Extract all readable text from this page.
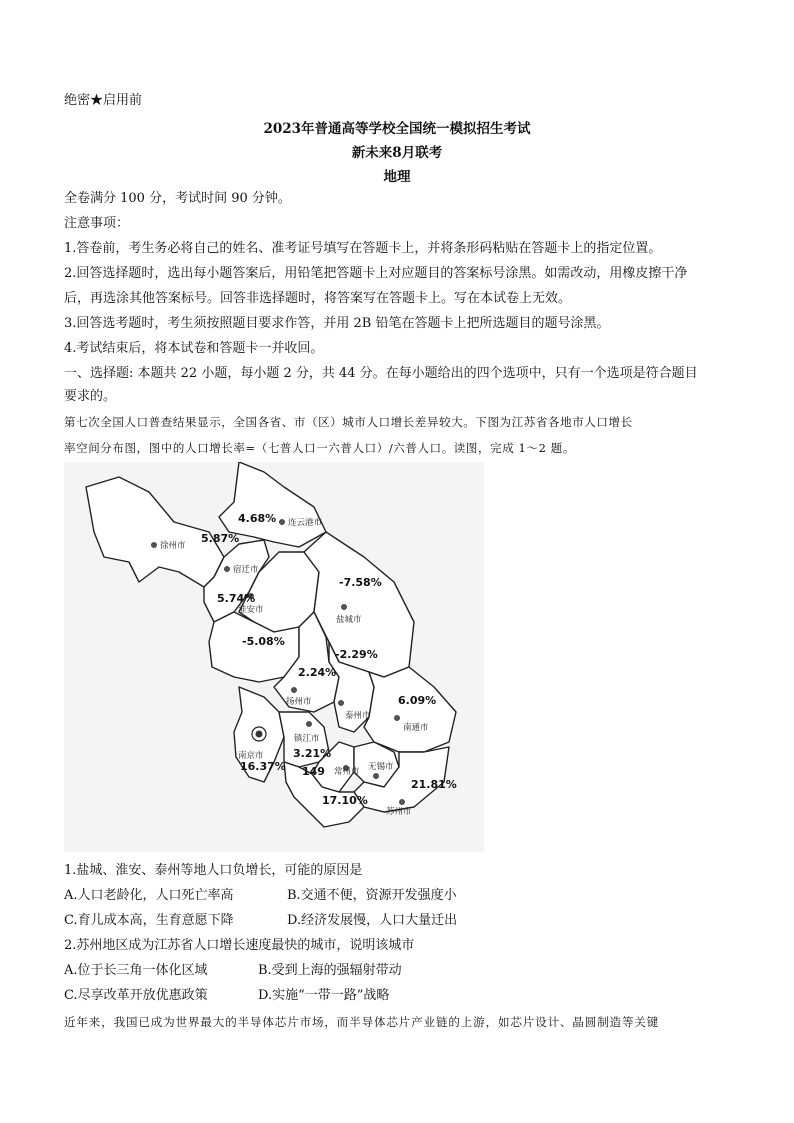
绝密★启用前
2023年普通高等学校全国统一模拟招生考试
新未来8月联考
地理
全卷满分 100 分，考试时间 90 分钟。
注意事项：
1.答卷前，考生务必将自己的姓名、准考证号填写在答题卡上，并将条形码粘贴在答题卡上的指定位置。
2.回答选择题时，选出每小题答案后，用铅笔把答题卡上对应题目的答案标号涂黑。如需改动，用橡皮擦干净
后，再选涂其他答案标号。回答非选择题时，将答案写在答题卡上。写在本试卷上无效。
3.回答选考题时，考生须按照题目要求作答，并用 2B 铅笔在答题卡上把所选题目的题号涂黑。
4.考试结束后，将本试卷和答题卡一并收回。
一、选择题: 本题共 22 小题，每小题 2 分，共 44 分。在每小题给出的四个选项中，只有一个选项是符合题目
要求的。
第七次全国人口普查结果显示，全国各省、市（区）城市人口增长差异较大。下图为江苏省各地市人口增长
率空间分布图，图中的人口增长率=（七普人口一六普人口）/六普人口。读图，完成 1～2 题。
连云港市
徐州市
宿迁市
淮安市
盐城市
扬州市
泰州市
南通市
南京市
镇江市
常州市 无锡市
苏州市
4.68%
5.87%
5.74%
-5.08%
-7.58%
2.24%
-2.29%
6.09%
16.37%
3.21%
149
21.81%
17.10%
1.盐城、淮安、泰州等地人口负增长，可能的原因是
A.人口老龄化，人口死亡率高	B.交通不便，资源开发强度小
C.育儿成本高，生育意愿下降	D.经济发展慢，人口大量迁出
2.苏州地区成为江苏省人口增长速度最快的城市，说明该城市
A.位于长三角一体化区域	B.受到上海的强辐射带动
C.尽享改革开放优惠政策	D.实施“一带一路”战略
近年来，我国已成为世界最大的半导体芯片市场，而半导体芯片产业链的上游，如芯片设计、晶圆制造等关键
